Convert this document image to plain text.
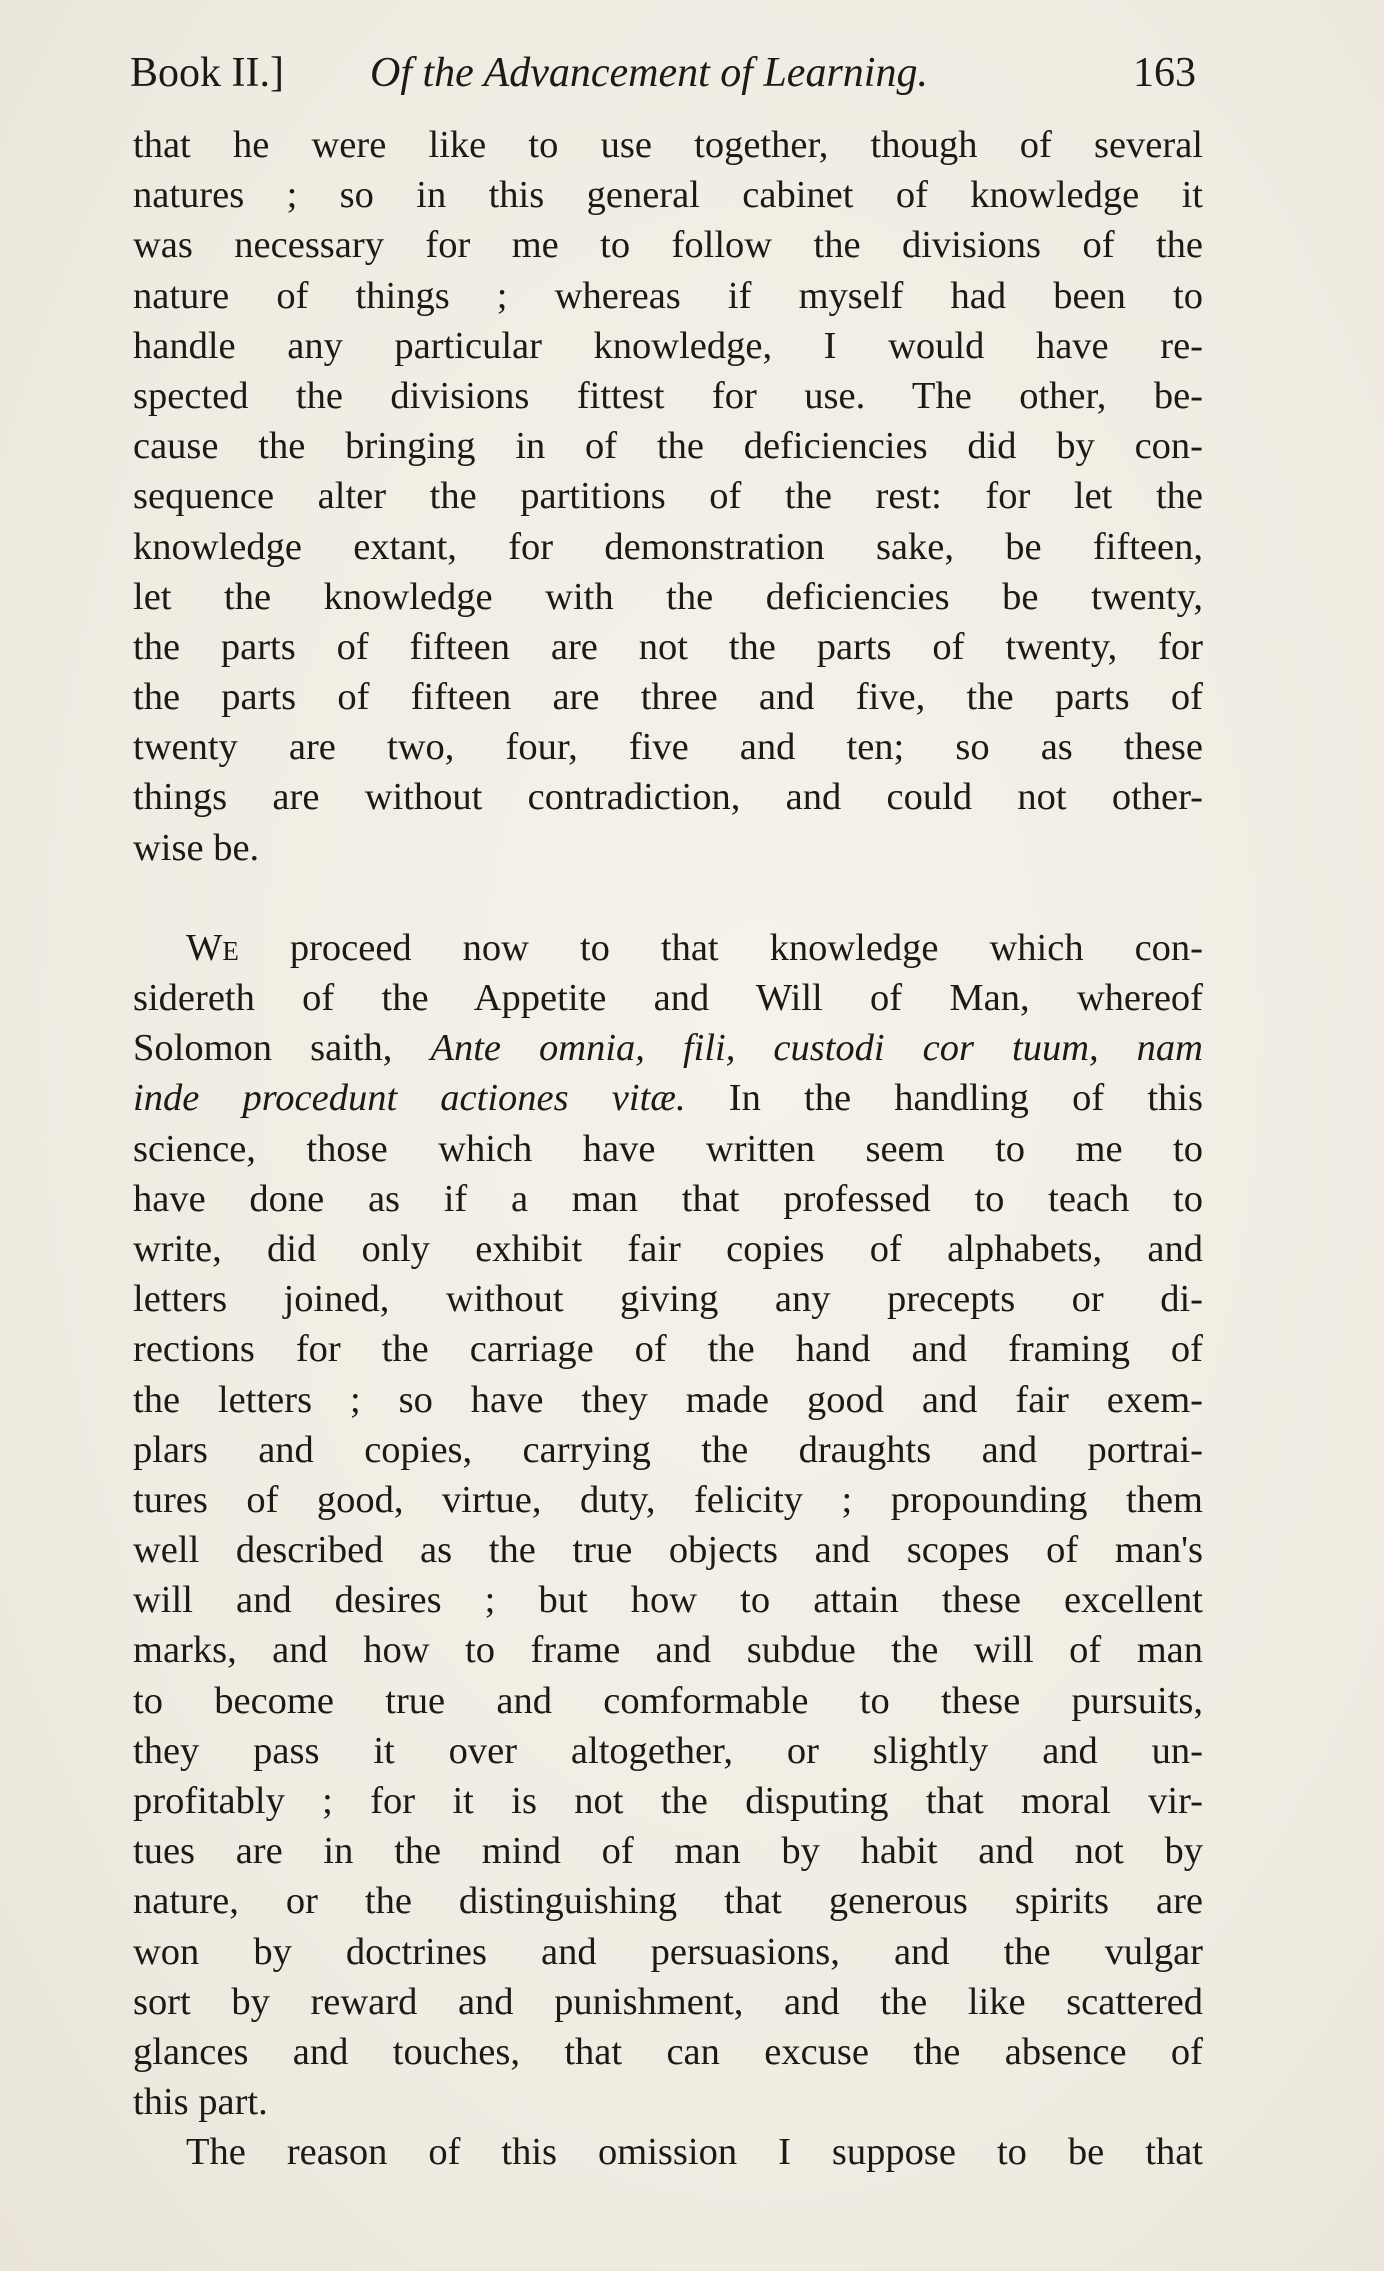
Book II.] Of the Advancement of Learning.	163
that he were like to use together, though of several
natures ; so in this general cabinet of knowledge it
was necessary for me to follow the divisions of the
nature of things ; whereas if myself had been to
handle any particular knowledge, I would have re-
spected the divisions fittest for use. The other, be-
cause the bringing in of the deficiencies did by con-
sequence alter the partitions of the rest: for let the
knowledge extant, for demonstration sake, be fifteen,
let the knowledge with the deficiencies be twenty,
the parts of fifteen are not the parts of twenty, for
the parts of fifteen are three and five, the parts of
twenty are two, four, five and ten; so as these
things are without contradiction, and could not other-
wise be.
We proceed now to that knowledge which con-
sidereth of the Appetite and Will of Man, whereof
Solomon saith, Ante omnia, fili, custodi cor tuum, nam
inde procedunt actiones vitæ. In the handling of this
science, those which have written seem to me to
have done as if a man that professed to teach to
write, did only exhibit fair copies of alphabets, and
letters joined, without giving any precepts or di-
rections for the carriage of the hand and framing of
the letters ; so have they made good and fair exem-
plars and copies, carrying the draughts and portrai-
tures of good, virtue, duty, felicity ; propounding them
well described as the true objects and scopes of man's
will and desires ; but how to attain these excellent
marks, and how to frame and subdue the will of man
to become true and comformable to these pursuits,
they pass it over altogether, or slightly and un-
profitably ; for it is not the disputing that moral vir-
tues are in the mind of man by habit and not by
nature, or the distinguishing that generous spirits are
won by doctrines and persuasions, and the vulgar
sort by reward and punishment, and the like scattered
glances and touches, that can excuse the absence of
this part.
The reason of this omission I suppose to be that
